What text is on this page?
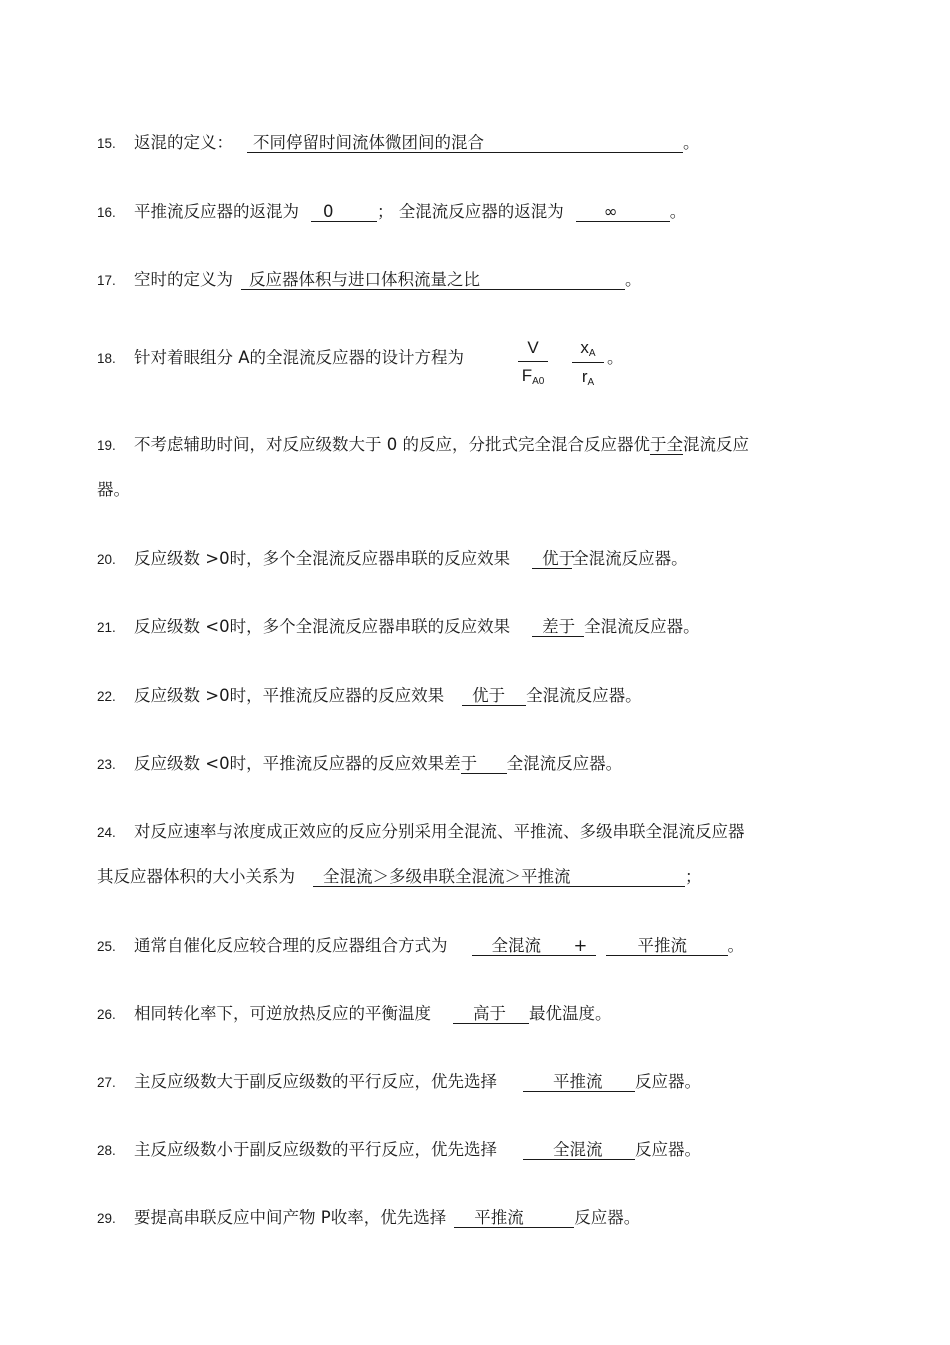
15. 返混的定义： 不同停留时间流体微团间的混合	。
16. 平推流反应器的返混为 0	； 全混流反应器的返混为 ∞	。
17. 空时的定义为 反应器体积与进口体积流量之比	。
18. 针对着眼组分 A的全混流反应器的设计方程为	$\frac{V}{F_{A0}} \frac{x_A}{r_A}$ 。
19. 不考虑辅助时间，对反应级数大于 0 的反应，分批式完全混合反应器优于全混流反应
器。
20. 反应级数 >0时，多个全混流反应器串联的反应效果 优于全混流反应器。
21. 反应级数 <0时，多个全混流反应器串联的反应效果 差于 全混流反应器。
22. 反应级数 >0时，平推流反应器的反应效果 优于 全混流反应器。
23. 反应级数 <0时，平推流反应器的反应效果差于 全混流反应器。
24. 对反应速率与浓度成正效应的反应分别采用全混流、平推流、多级串联全混流反应器
其反应器体积的大小关系为 全混流＞多级串联全混流＞平推流	；
25. 通常自催化反应较合理的反应器组合方式为	全混流 +	平推流 。
26. 相同转化率下，可逆放热反应的平衡温度	高于 最优温度。
27. 主反应级数大于副反应级数的平行反应，优先选择	平推流 反应器。
28. 主反应级数小于副反应级数的平行反应，优先选择	全混流 反应器。
29. 要提高串联反应中间产物 P收率，优先选择 平推流	反应器。
